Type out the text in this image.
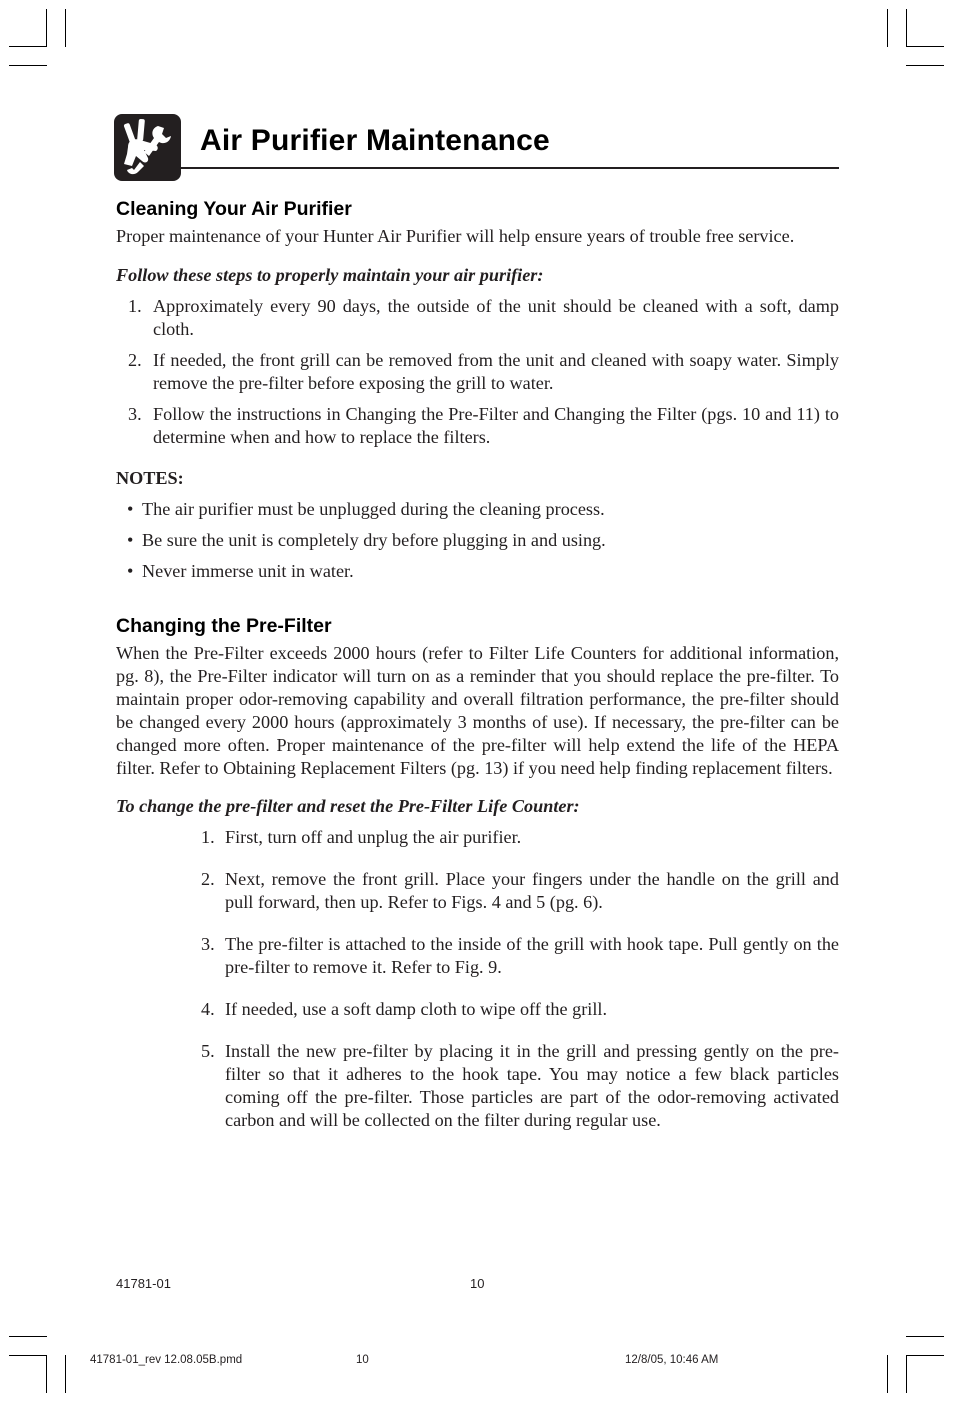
Air Purifier Maintenance
Cleaning Your Air Purifier

Proper maintenance of your Hunter Air Purifier will help ensure years of trouble free service.

Follow these steps to properly maintain your air purifier:

1. Approximately every 90 days, the outside of the unit should be cleaned with a soft, damp cloth.
2. If needed, the front grill can be removed from the unit and cleaned with soapy water. Simply remove the pre-filter before exposing the grill to water.
3. Follow the instructions in Changing the Pre-Filter and Changing the Filter (pgs. 10 and 11) to determine when and how to replace the filters.

NOTES:

• The air purifier must be unplugged during the cleaning process.
• Be sure the unit is completely dry before plugging in and using.
• Never immerse unit in water.
Changing the Pre-Filter

When the Pre-Filter exceeds 2000 hours (refer to Filter Life Counters for additional information, pg. 8), the Pre-Filter indicator will turn on as a reminder that you should replace the pre-filter. To maintain proper odor-removing capability and overall filtration performance, the pre-filter should be changed every 2000 hours (approximately 3 months of use). If necessary, the pre-filter can be changed more often. Proper maintenance of the pre-filter will help extend the life of the HEPA filter. Refer to Obtaining Replacement Filters (pg. 13) if you need help finding replacement filters.

To change the pre-filter and reset the Pre-Filter Life Counter:

1. First, turn off and unplug the air purifier.
2. Next, remove the front grill. Place your fingers under the handle on the grill and pull forward, then up. Refer to Figs. 4 and 5 (pg. 6).
3. The pre-filter is attached to the inside of the grill with hook tape. Pull gently on the pre-filter to remove it. Refer to Fig. 9.
4. If needed, use a soft damp cloth to wipe off the grill.
5. Install the new pre-filter by placing it in the grill and pressing gently on the pre-filter so that it adheres to the hook tape. You may notice a few black particles coming off the pre-filter. Those particles are part of the odor-removing activated carbon and will be collected on the filter during regular use.
41781-01	10
41781-01_rev 12.08.05B.pmd	10	12/8/05, 10:46 AM
